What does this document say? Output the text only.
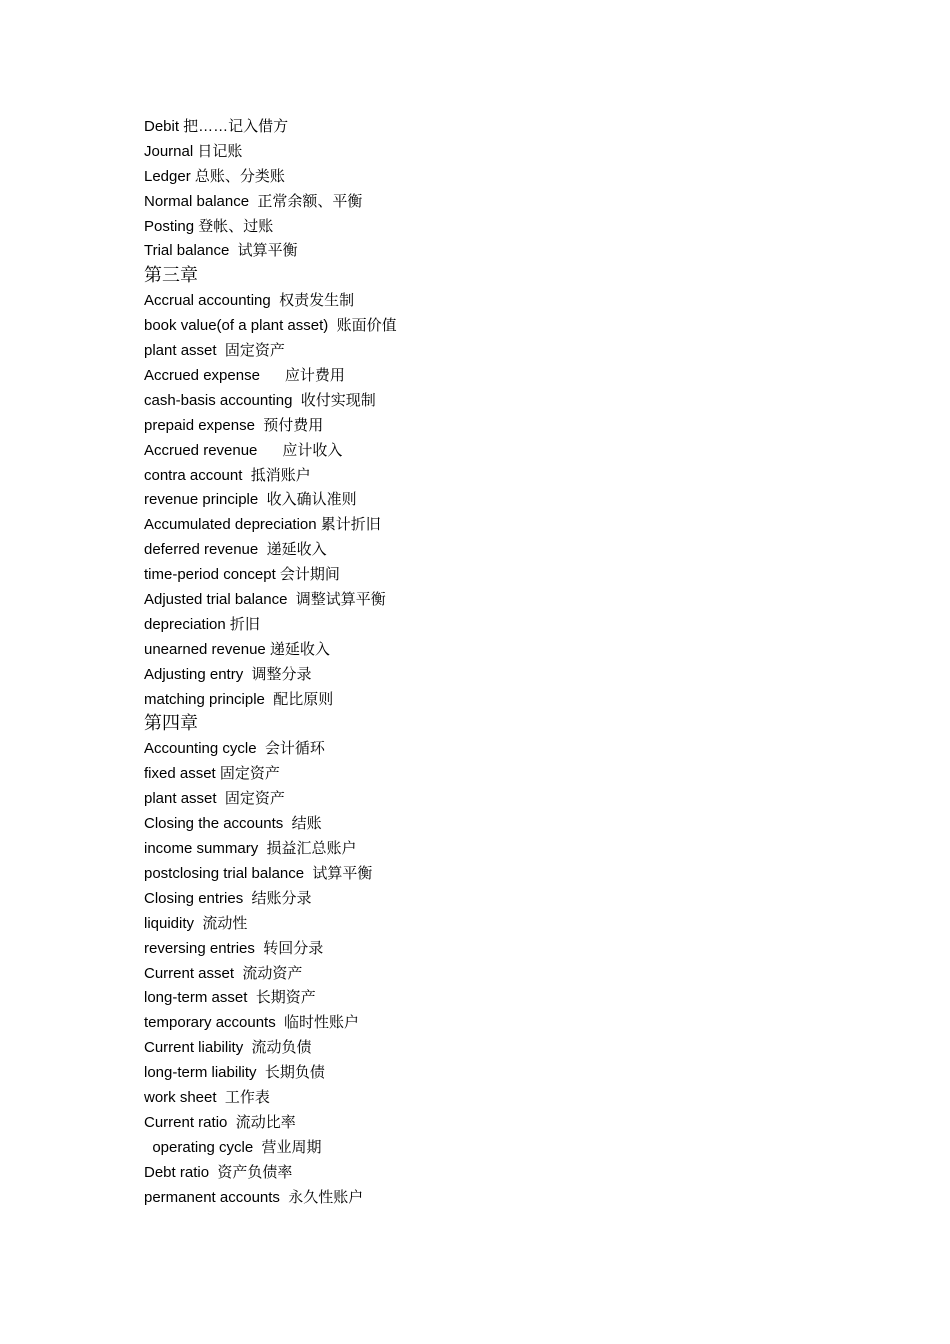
Debit 把……记入借方
Journal 日记账
Ledger 总账、分类账
Normal balance  正常余额、平衡
Posting 登帐、过账
Trial balance  试算平衡
第三章
Accrual accounting  权责发生制
book value(of a plant asset)  账面价值
plant asset  固定资产
Accrued expense      应计费用
cash-basis accounting  收付实现制
prepaid expense  预付费用
Accrued revenue      应计收入
contra account  抵消账户
revenue principle  收入确认准则
Accumulated depreciation 累计折旧
deferred revenue  递延收入
time-period concept 会计期间
Adjusted trial balance  调整试算平衡
depreciation 折旧
unearned revenue 递延收入
Adjusting entry  调整分录
matching principle  配比原则
第四章
Accounting cycle  会计循环
fixed asset 固定资产
plant asset  固定资产
Closing the accounts  结账
income summary  损益汇总账户
postclosing trial balance  试算平衡
Closing entries  结账分录
liquidity  流动性
reversing entries  转回分录
Current asset  流动资产
long-term asset  长期资产
temporary accounts  临时性账户
Current liability  流动负债
long-term liability  长期负债
work sheet  工作表
Current ratio  流动比率
operating cycle  营业周期
Debt ratio  资产负债率
permanent accounts  永久性账户
